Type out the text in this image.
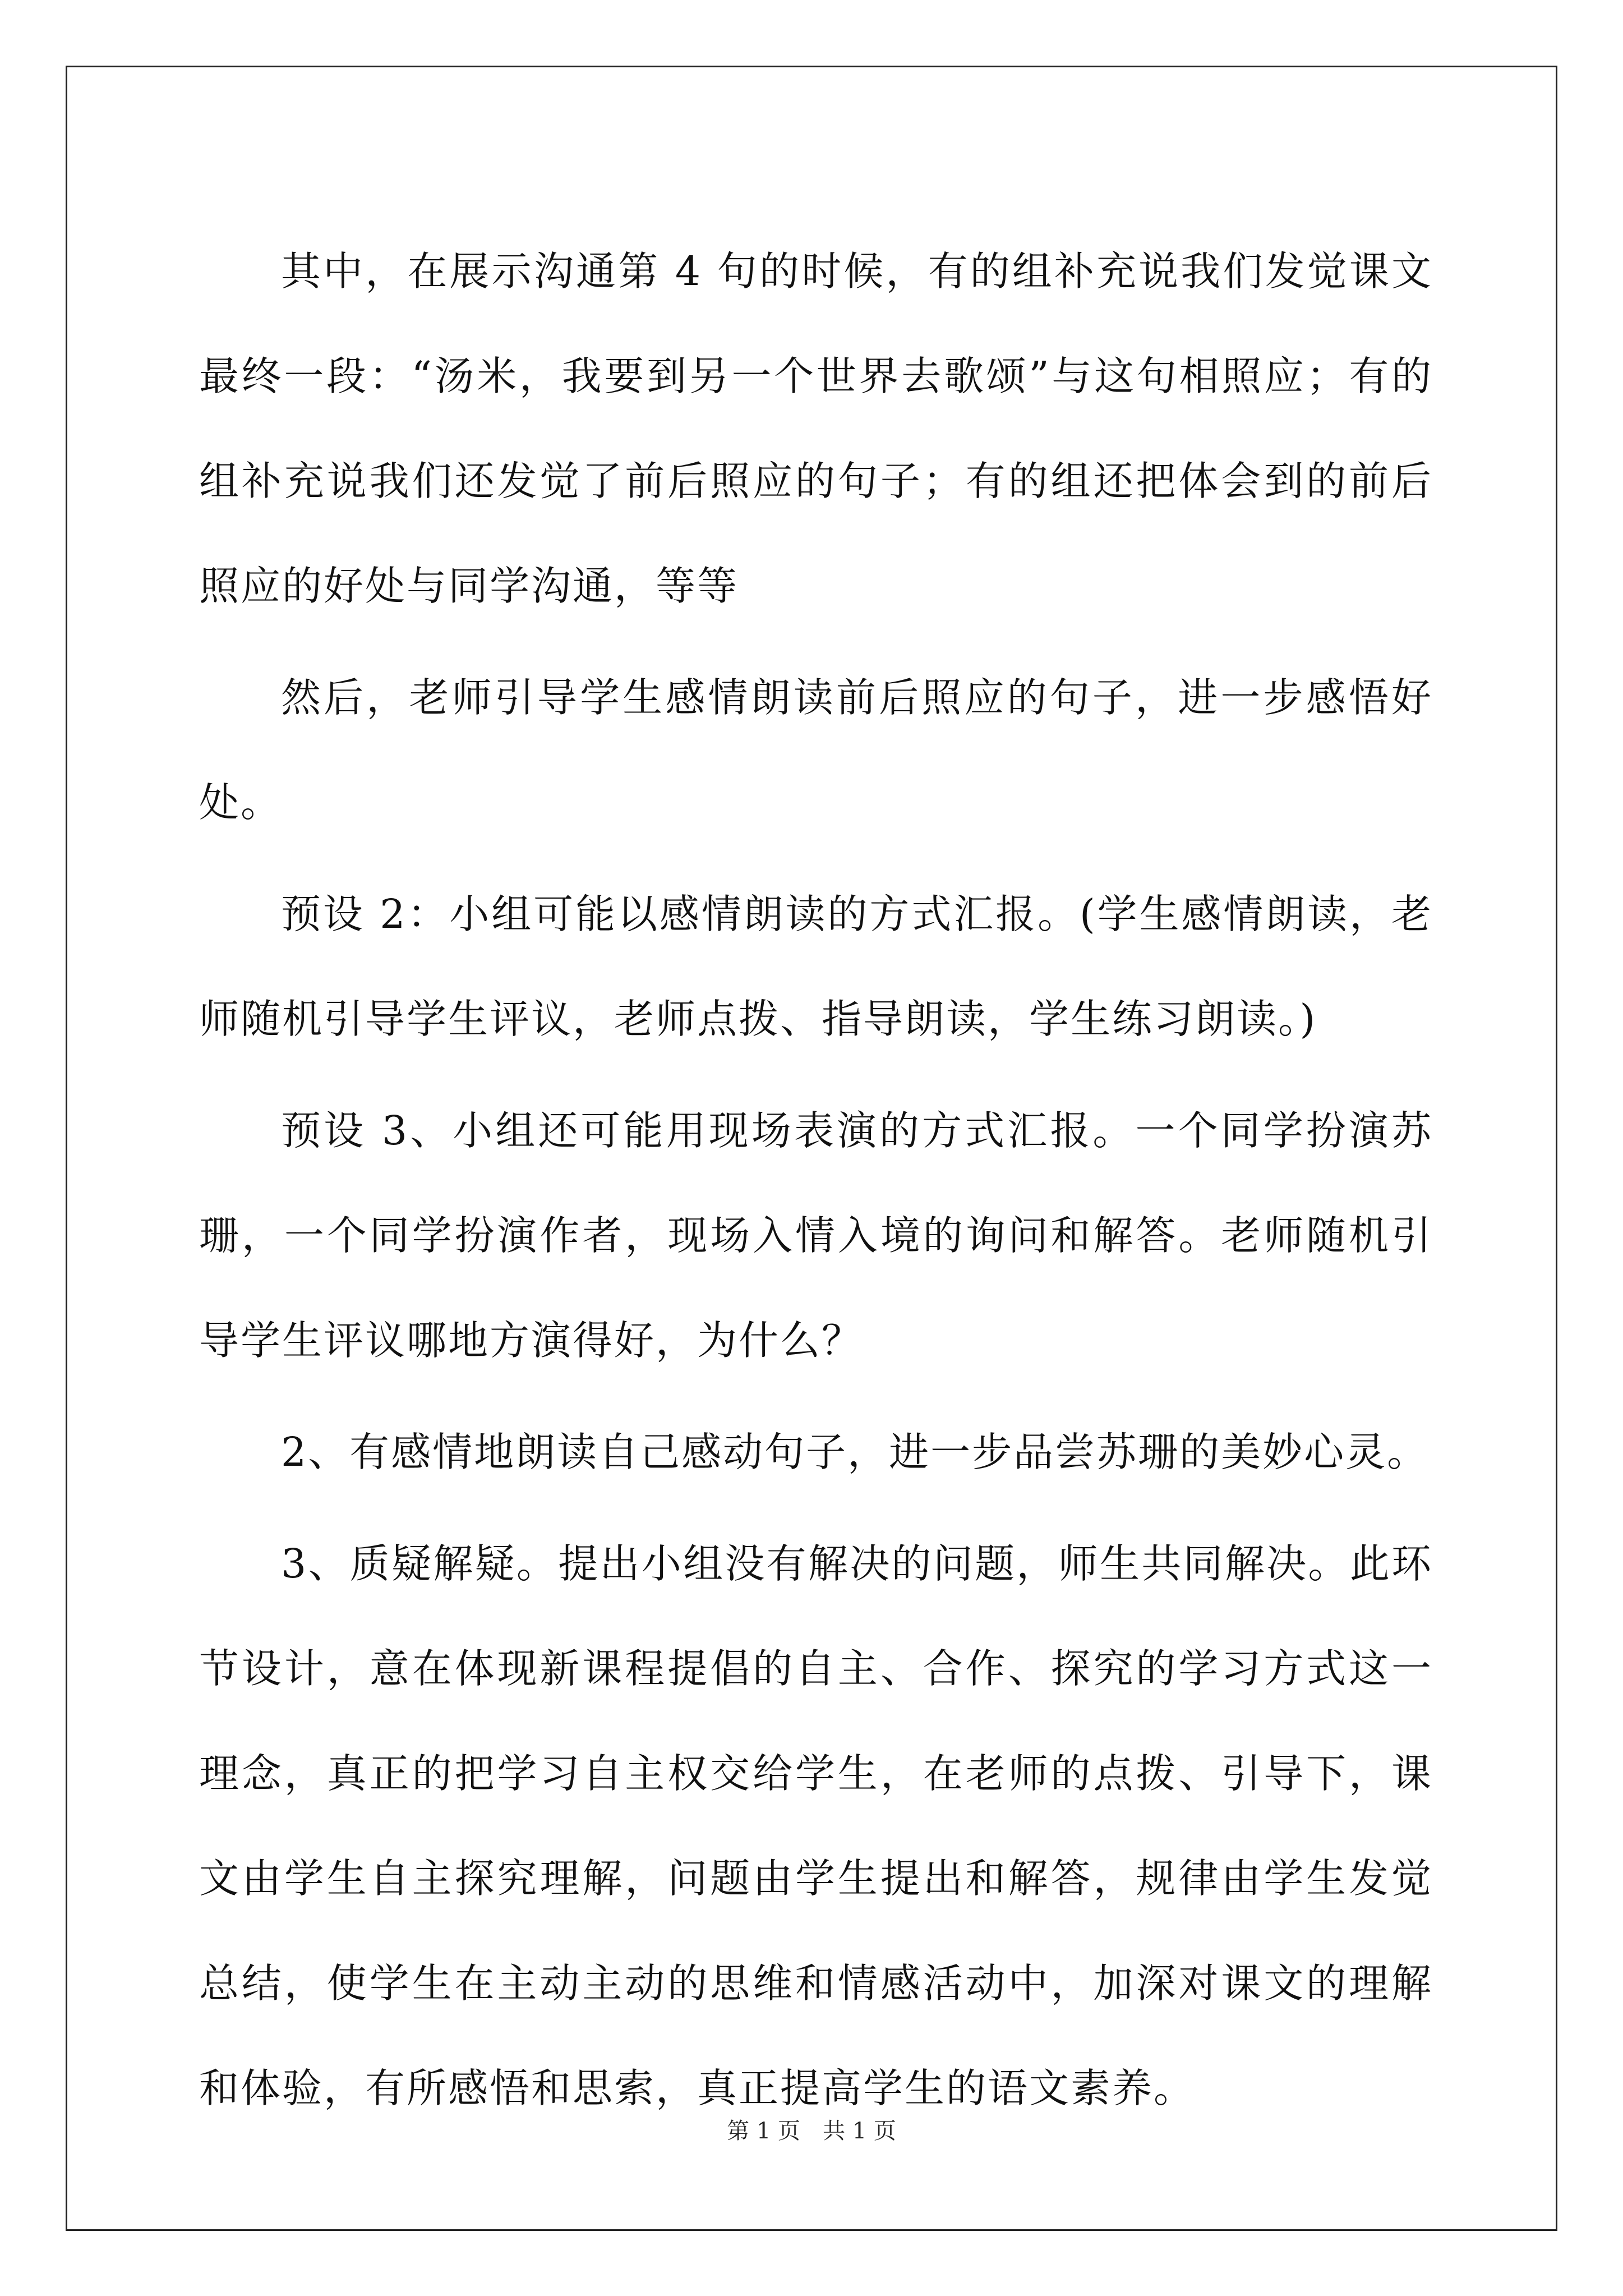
其中，在展示沟通第 4 句的时候，有的组补充说我们发觉课文最终一段：“汤米，我要到另一个世界去歌颂”与这句相照应；有的组补充说我们还发觉了前后照应的句子；有的组还把体会到的前后照应的好处与同学沟通，等等

然后，老师引导学生感情朗读前后照应的句子，进一步感悟好处。

预设 2：小组可能以感情朗读的方式汇报。(学生感情朗读，老师随机引导学生评议，老师点拨、指导朗读，学生练习朗读。)

预设 3、小组还可能用现场表演的方式汇报。一个同学扮演苏珊，一个同学扮演作者，现场入情入境的询问和解答。老师随机引导学生评议哪地方演得好，为什么？

2、有感情地朗读自己感动句子，进一步品尝苏珊的美妙心灵。

3、质疑解疑。提出小组没有解决的问题，师生共同解决。此环节设计，意在体现新课程提倡的自主、合作、探究的学习方式这一理念，真正的把学习自主权交给学生，在老师的点拨、引导下，课文由学生自主探究理解，问题由学生提出和解答，规律由学生发觉总结，使学生在主动主动的思维和情感活动中，加深对课文的理解和体验，有所感悟和思索，真正提高学生的语文素养。

第 1 页　共 1 页
